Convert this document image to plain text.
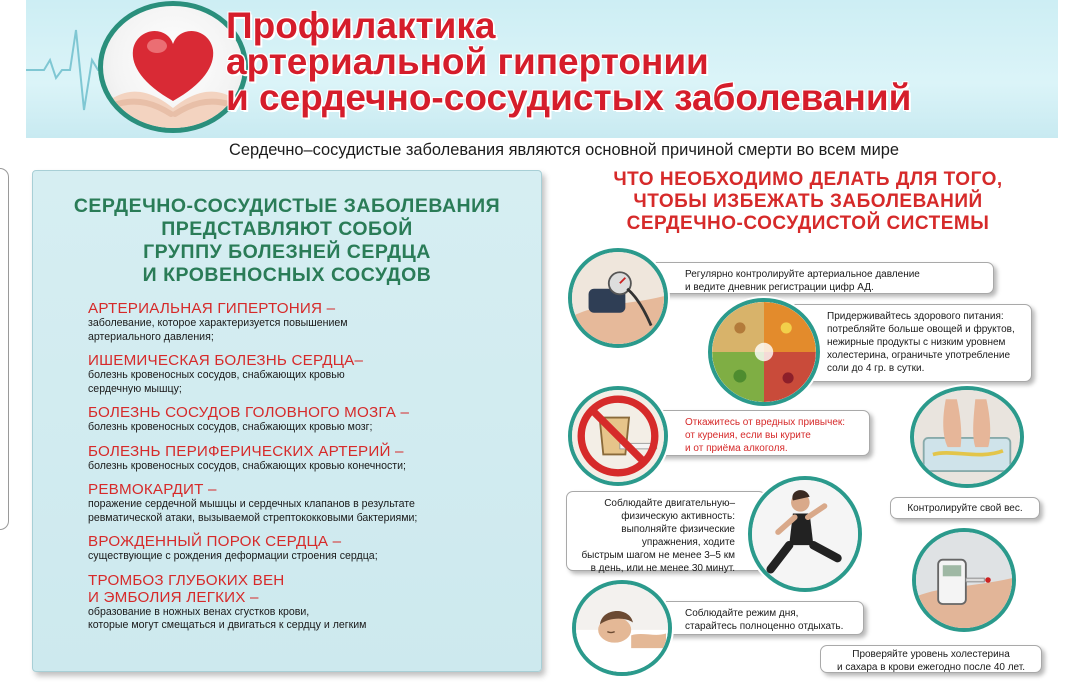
Профилактика
артериальной гипертонии
и сердечно-сосудистых заболеваний

Сердечно–сосудистые заболевания являются основной причиной смерти во всем мире

СЕРДЕЧНО-СОСУДИСТЫЕ ЗАБОЛЕВАНИЯ
ПРЕДСТАВЛЯЮТ СОБОЙ
ГРУППУ БОЛЕЗНЕЙ СЕРДЦА
И КРОВЕНОСНЫХ СОСУДОВ
АРТЕРИАЛЬНАЯ ГИПЕРТОНИЯ –
заболевание, которое характеризуется повышением
артериального давления;
ИШЕМИЧЕСКАЯ БОЛЕЗНЬ СЕРДЦА–
болезнь кровеносных сосудов, снабжающих кровью
сердечную мышцу;
БОЛЕЗНЬ СОСУДОВ ГОЛОВНОГО МОЗГА –
болезнь кровеносных сосудов, снабжающих кровью мозг;
БОЛЕЗНЬ ПЕРИФЕРИЧЕСКИХ АРТЕРИЙ –
болезнь кровеносных сосудов, снабжающих кровью конечности;
РЕВМОКАРДИТ –
поражение сердечной мышцы и сердечных клапанов в результате
ревматической атаки, вызываемой стрептококковыми бактериями;
ВРОЖДЕННЫЙ ПОРОК СЕРДЦА –
существующие с рождения деформации строения сердца;
ТРОМБОЗ ГЛУБОКИХ ВЕН
И ЭМБОЛИЯ ЛЕГКИХ –
образование в ножных венах сгустков крови,
которые могут смещаться и двигаться к сердцу и легким
ЧТО НЕОБХОДИМО ДЕЛАТЬ ДЛЯ ТОГО,
ЧТОБЫ ИЗБЕЖАТЬ ЗАБОЛЕВАНИЙ
СЕРДЕЧНО-СОСУДИСТОЙ СИСТЕМЫ
Регулярно контролируйте артериальное давление
и ведите дневник регистрации цифр АД.
Придерживайтесь здорового питания:
потребляйте больше овощей и фруктов,
нежирные продукты с низким уровнем
холестерина, ограничьте употребление
соли до 4 гр. в сутки.
Откажитесь от вредных привычек:
от курения, если вы курите
и от приёма алкоголя.
Контролируйте свой вес.
Соблюдайте двигательную–
физическую активность:
выполняйте физические
упражнения, ходите
быстрым шагом не менее 3–5 км
в день, или не менее 30 минут.
Соблюдайте режим дня,
старайтесь полноценно отдыхать.
Проверяйте уровень холестерина
и сахара в крови ежегодно после 40 лет.
